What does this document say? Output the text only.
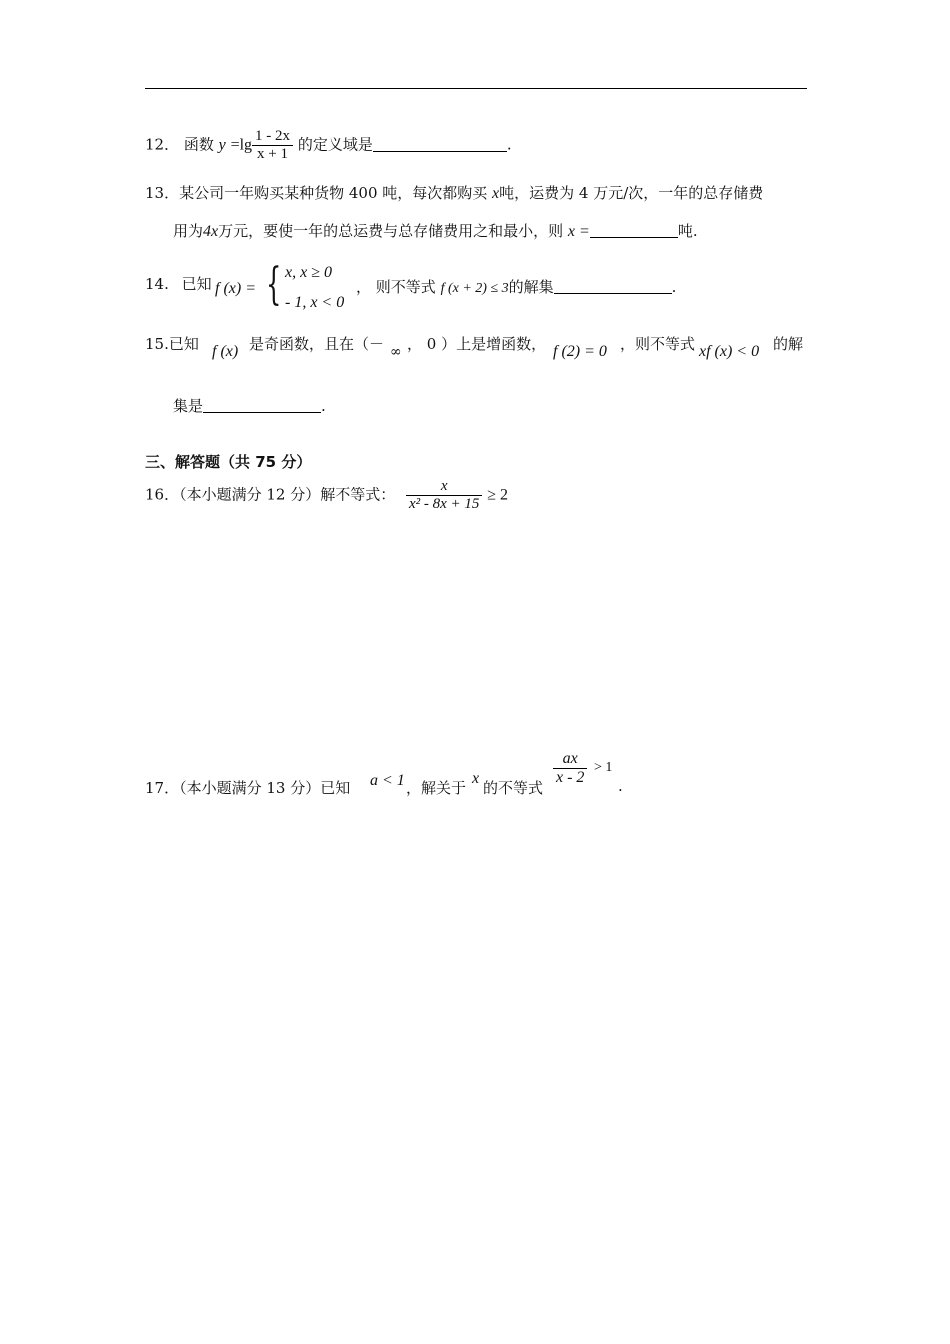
12． 函数 $y =\lg \frac{1 - 2x}{x + 1}$ 的定义域是	.
13．某公司一年购买某种货物 400 吨，每次都购买 x吨，运费为 4 万元/次，一年的总存储费
用为4x万元，要使一年的总运费与总存储费用之和最小，则 x =	吨.
14. 已知 f (x) = { x, x ≥ 0
- 1, x < 0
， 则不等式 f (x + 2) ≤ 3的解集	.
15.已知 f (x) 是奇函数，且在（－ ∞ ， 0 ）上是增函数， f (2) = 0 ，则不等式 xf (x) < 0 的解
集是	.
三、解答题（共 75 分）
16．（本小题满分 12 分）解不等式： $\frac{x}{\text{x² - 8x + 15}} \ge 2$
$\frac{ax}{x - 2} > 1$
17．（本小题满分 13 分）已知 a < 1 ，解关于
x
的不等式	.
